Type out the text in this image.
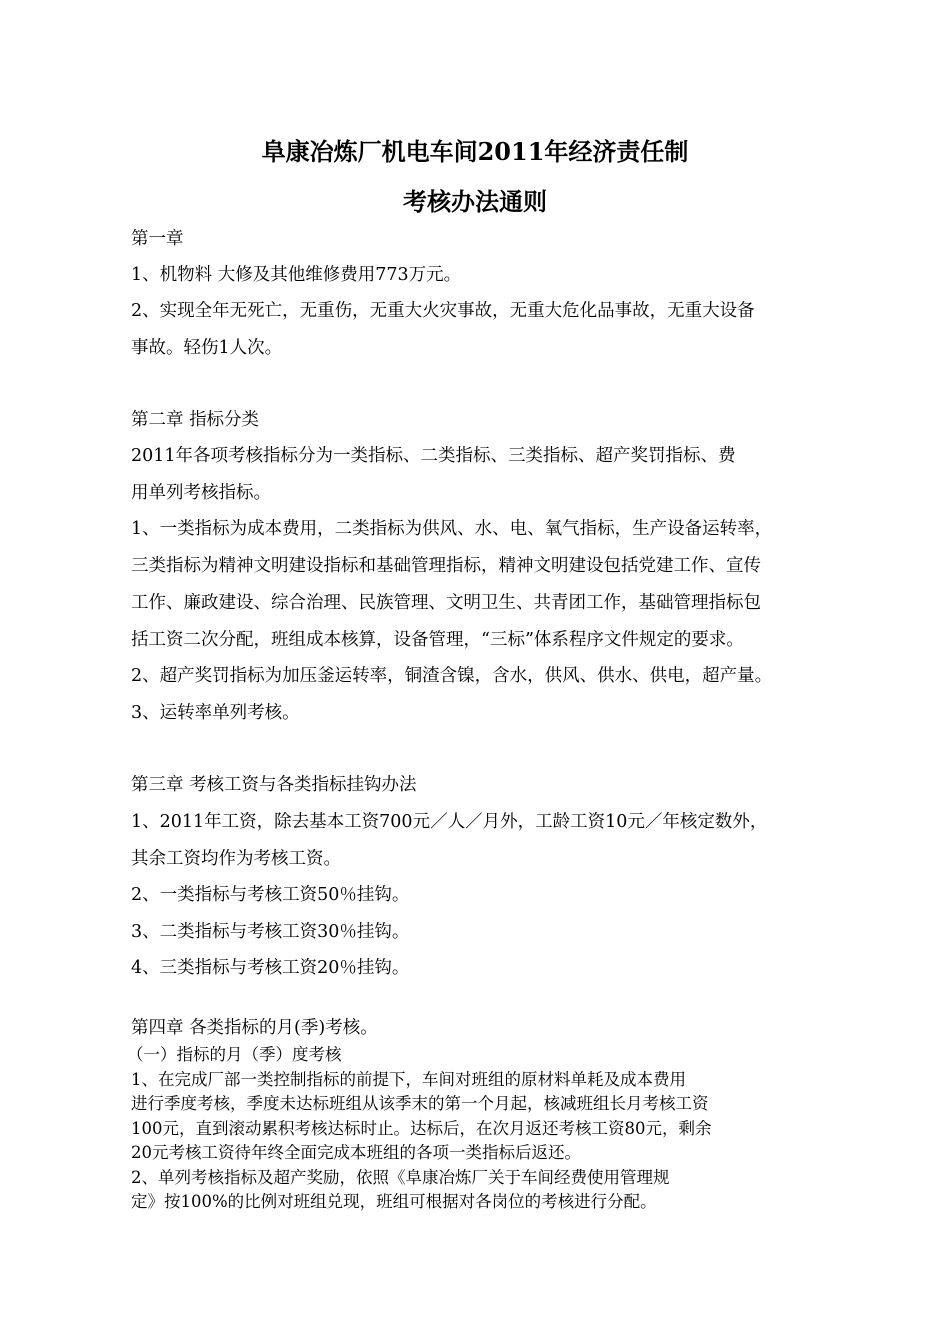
阜康冶炼厂机电车间2011年经济责任制
考核办法通则
第一章
1、机物料 大修及其他维修费用773万元。
2、实现全年无死亡，无重伤，无重大火灾事故，无重大危化品事故，无重大设备
事故。轻伤1人次。
第二章 指标分类
2011年各项考核指标分为一类指标、二类指标、三类指标、超产奖罚指标、费
用单列考核指标。
1、一类指标为成本费用，二类指标为供风、水、电、氧气指标，生产设备运转率，
三类指标为精神文明建设指标和基础管理指标，精神文明建设包括党建工作、宣传
工作、廉政建设、综合治理、民族管理、文明卫生、共青团工作，基础管理指标包
括工资二次分配，班组成本核算，设备管理，“三标”体系程序文件规定的要求。
2、超产奖罚指标为加压釜运转率，铜渣含镍，含水，供风、供水、供电，超产量。
3、运转率单列考核。
第三章 考核工资与各类指标挂钩办法
1、2011年工资，除去基本工资700元／人／月外，工龄工资10元／年核定数外，
其余工资均作为考核工资。
2、一类指标与考核工资50％挂钩。
3、二类指标与考核工资30％挂钩。
4、三类指标与考核工资20％挂钩。
第四章 各类指标的月(季)考核。
（一）指标的月（季）度考核
1、在完成厂部一类控制指标的前提下，车间对班组的原材料单耗及成本费用
进行季度考核，季度未达标班组从该季末的第一个月起，核减班组长月考核工资
100元，直到滚动累积考核达标时止。达标后，在次月返还考核工资80元，剩余
20元考核工资待年终全面完成本班组的各项一类指标后返还。
2、单列考核指标及超产奖励，依照《阜康冶炼厂关于车间经费使用管理规
定》按100%的比例对班组兑现，班组可根据对各岗位的考核进行分配。
